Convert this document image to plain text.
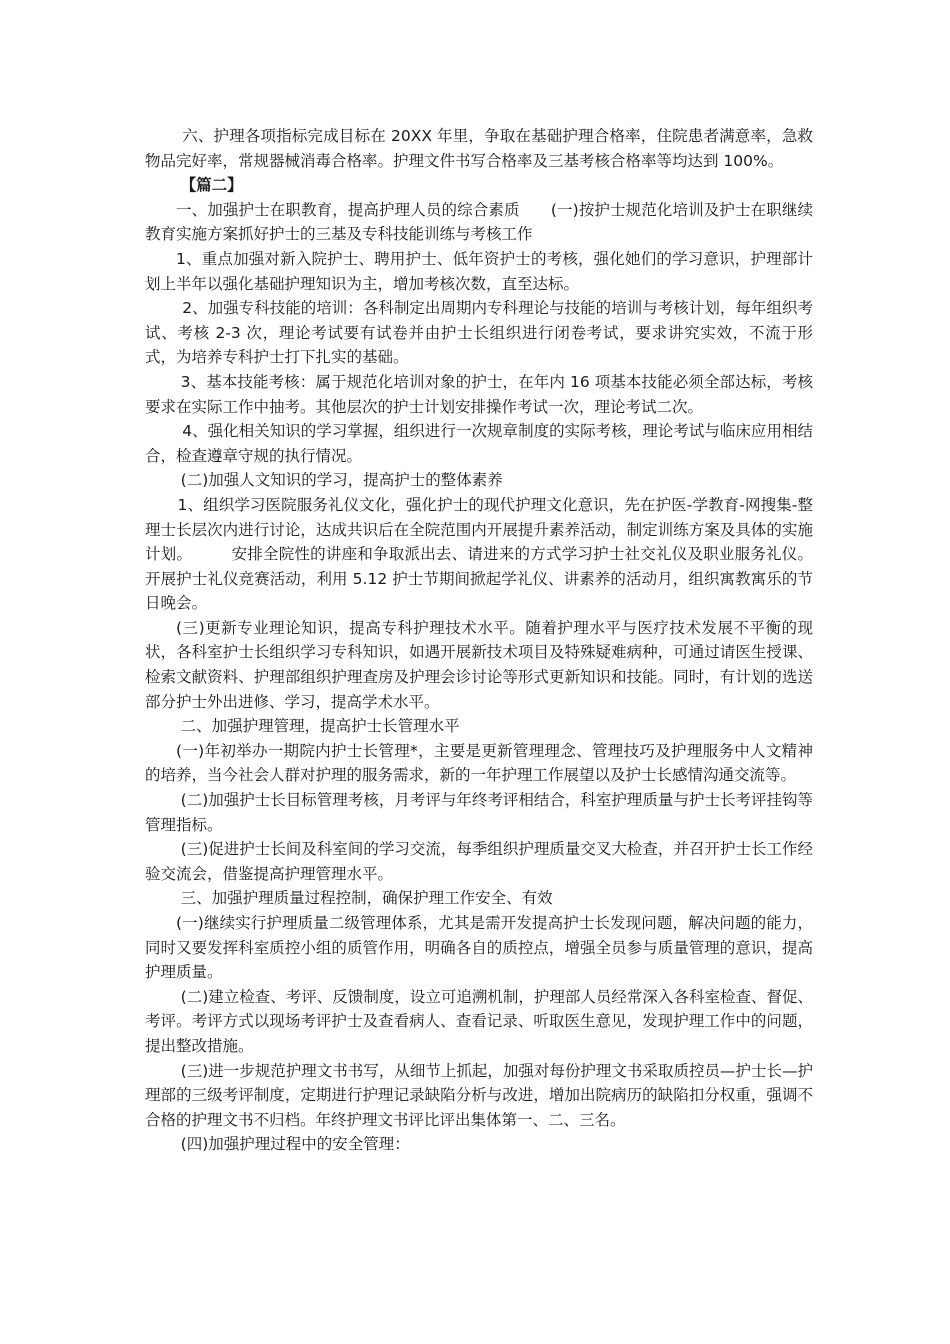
六、护理各项指标完成目标在 20XX 年里，争取在基础护理合格率，住院患者满意率，急救物品完好率，常规器械消毒合格率。护理文件书写合格率及三基考核合格率等均达到 100%。

【篇二】

一、加强护士在职教育，提高护理人员的综合素质　　(一)按护士规范化培训及护士在职继续教育实施方案抓好护士的三基及专科技能训练与考核工作

1、重点加强对新入院护士、聘用护士、低年资护士的考核，强化她们的学习意识，护理部计划上半年以强化基础护理知识为主，增加考核次数，直至达标。

2、加强专科技能的培训：各科制定出周期内专科理论与技能的培训与考核计划，每年组织考试、考核 2-3 次，理论考试要有试卷并由护士长组织进行闭卷考试，要求讲究实效，不流于形式，为培养专科护士打下扎实的基础。

3、基本技能考核：属于规范化培训对象的护士，在年内 16 项基本技能必须全部达标，考核要求在实际工作中抽考。其他层次的护士计划安排操作考试一次，理论考试二次。

4、强化相关知识的学习掌握，组织进行一次规章制度的实际考核，理论考试与临床应用相结合，检查遵章守规的执行情况。

(二)加强人文知识的学习，提高护士的整体素养

1、组织学习医院服务礼仪文化，强化护士的现代护理文化意识，先在护医-学教育-网搜集-整理士长层次内进行讨论，达成共识后在全院范围内开展提升素养活动，制定训练方案及具体的实施计划。　　　安排全院性的讲座和争取派出去、请进来的方式学习护士社交礼仪及职业服务礼仪。开展护士礼仪竞赛活动，利用 5.12 护士节期间掀起学礼仪、讲素养的活动月，组织寓教寓乐的节日晚会。

(三)更新专业理论知识，提高专科护理技术水平。随着护理水平与医疗技术发展不平衡的现状，各科室护士长组织学习专科知识，如遇开展新技术项目及特殊疑难病种，可通过请医生授课、检索文献资料、护理部组织护理查房及护理会诊讨论等形式更新知识和技能。同时，有计划的选送部分护士外出进修、学习，提高学术水平。

二、加强护理管理，提高护士长管理水平

(一)年初举办一期院内护士长管理*，主要是更新管理理念、管理技巧及护理服务中人文精神的培养，当今社会人群对护理的服务需求，新的一年护理工作展望以及护士长感情沟通交流等。

(二)加强护士长目标管理考核，月考评与年终考评相结合，科室护理质量与护士长考评挂钩等管理指标。

(三)促进护士长间及科室间的学习交流，每季组织护理质量交叉大检查，并召开护士长工作经验交流会，借鉴提高护理管理水平。

三、加强护理质量过程控制，确保护理工作安全、有效

(一)继续实行护理质量二级管理体系，尤其是需开发提高护士长发现问题，解决问题的能力，同时又要发挥科室质控小组的质管作用，明确各自的质控点，增强全员参与质量管理的意识，提高护理质量。

(二)建立检查、考评、反馈制度，设立可追溯机制，护理部人员经常深入各科室检查、督促、考评。考评方式以现场考评护士及查看病人、查看记录、听取医生意见，发现护理工作中的问题，提出整改措施。

(三)进一步规范护理文书书写，从细节上抓起，加强对每份护理文书采取质控员—护士长—护理部的三级考评制度，定期进行护理记录缺陷分析与改进，增加出院病历的缺陷扣分权重，强调不合格的护理文书不归档。年终护理文书评比评出集体第一、二、三名。

(四)加强护理过程中的安全管理：
